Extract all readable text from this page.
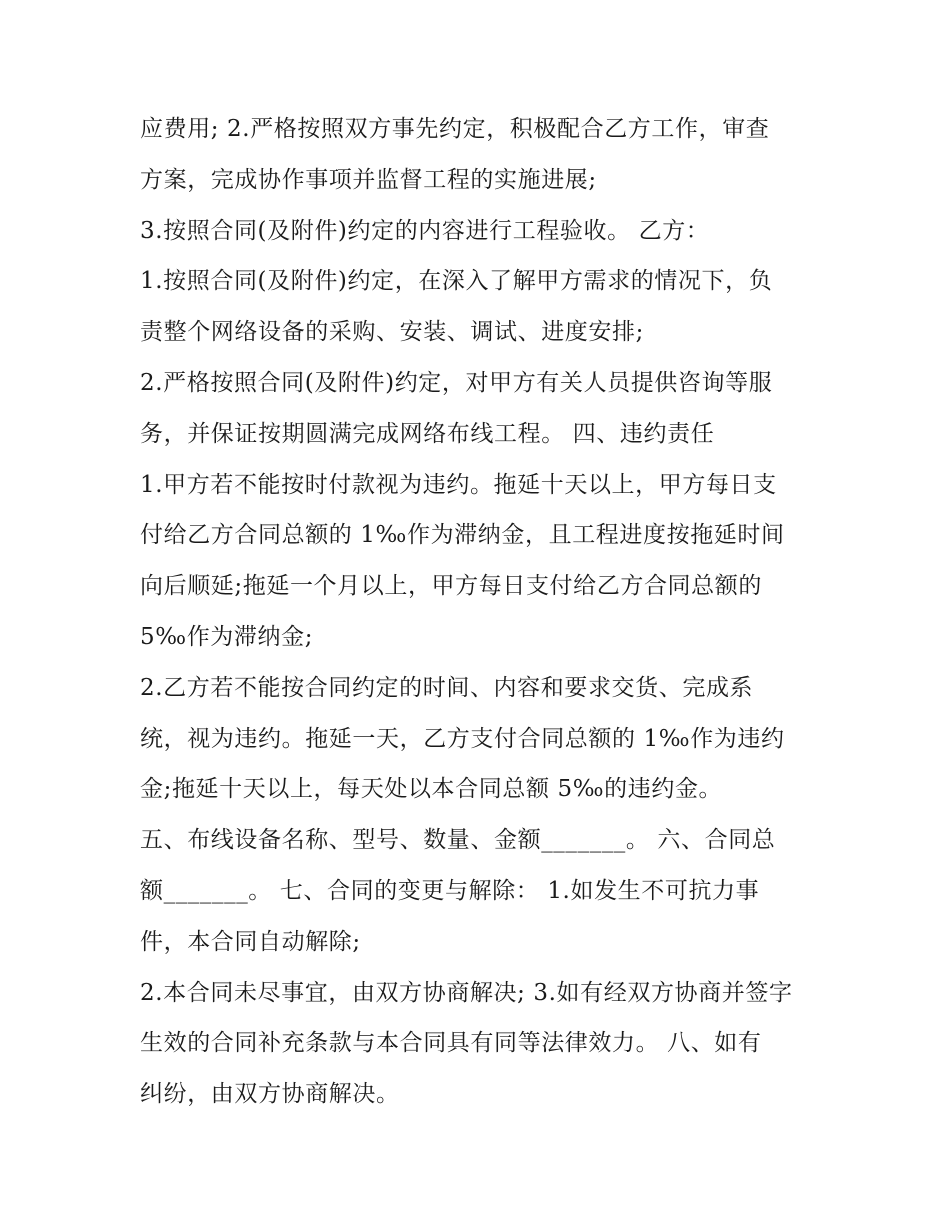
应费用; 2.严格按照双方事先约定，积极配合乙方工作，审查
方案，完成协作事项并监督工程的实施进展;
3.按照合同(及附件)约定的内容进行工程验收。 乙方：
1.按照合同(及附件)约定，在深入了解甲方需求的情况下，负
责整个网络设备的采购、安装、调试、进度安排;
2.严格按照合同(及附件)约定，对甲方有关人员提供咨询等服
务，并保证按期圆满完成网络布线工程。 四、违约责任
1.甲方若不能按时付款视为违约。拖延十天以上，甲方每日支
付给乙方合同总额的 1‰作为滞纳金，且工程进度按拖延时间
向后顺延;拖延一个月以上，甲方每日支付给乙方合同总额的
5‰作为滞纳金;
2.乙方若不能按合同约定的时间、内容和要求交货、完成系
统，视为违约。拖延一天，乙方支付合同总额的 1‰作为违约
金;拖延十天以上，每天处以本合同总额 5‰的违约金。
五、布线设备名称、型号、数量、金额_______。 六、合同总
额_______。 七、合同的变更与解除： 1.如发生不可抗力事
件，本合同自动解除;
2.本合同未尽事宜，由双方协商解决; 3.如有经双方协商并签字
生效的合同补充条款与本合同具有同等法律效力。 八、如有
纠纷，由双方协商解决。
